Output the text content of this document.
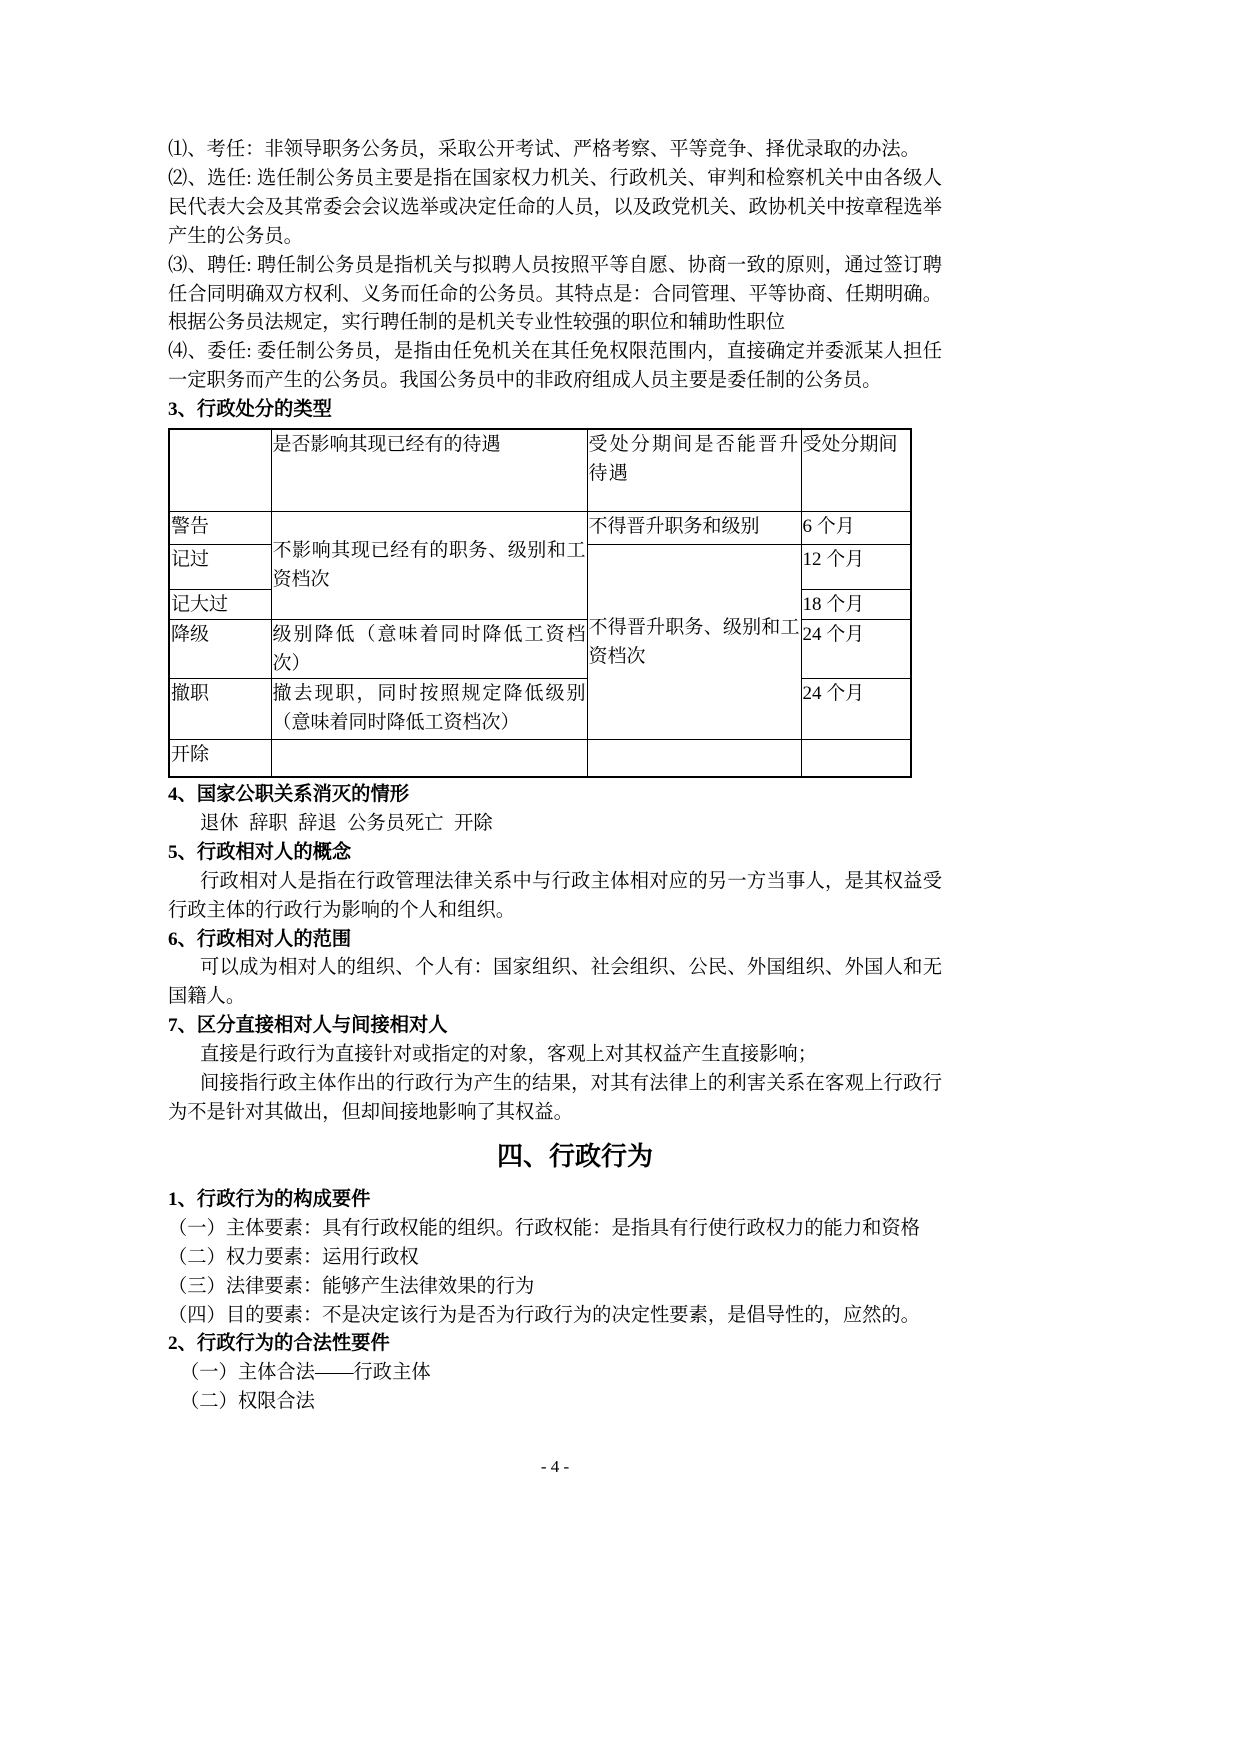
⑴、考任：非领导职务公务员，采取公开考试、严格考察、平等竞争、择优录取的办法。

⑵、选任: 选任制公务员主要是指在国家权力机关、行政机关、审判和检察机关中由各级人民代表大会及其常委会会议选举或决定任命的人员，以及政党机关、政协机关中按章程选举产生的公务员。

⑶、聘任: 聘任制公务员是指机关与拟聘人员按照平等自愿、协商一致的原则，通过签订聘任合同明确双方权利、义务而任命的公务员。其特点是：合同管理、平等协商、任期明确。根据公务员法规定，实行聘任制的是机关专业性较强的职位和辅助性职位

⑷、委任: 委任制公务员，是指由任免机关在其任免权限范围内，直接确定并委派某人担任一定职务而产生的公务员。我国公务员中的非政府组成人员主要是委任制的公务员。

3、行政处分的类型
	是否影响其现已经有的待遇	受处分期间是否能晋升待遇	受处分期间
警告	不影响其现已经有的职务、级别和工资档次	不得晋升职务和级别	6 个月
记过		不得晋升职务、级别和工资档次	12 个月
记大过			18 个月
降级	级别降低（意味着同时降低工资档次）		24 个月
撤职	撤去现职，同时按照规定降低级别（意味着同时降低工资档次）		24 个月
开除			
4、国家公职关系消灭的情形
退休 辞职 辞退 公务员死亡 开除
5、行政相对人的概念

行政相对人是指在行政管理法律关系中与行政主体相对应的另一方当事人，是其权益受行政主体的行政行为影响的个人和组织。

6、行政相对人的范围

可以成为相对人的组织、个人有：国家组织、社会组织、公民、外国组织、外国人和无国籍人。

7、区分直接相对人与间接相对人

直接是行政行为直接针对或指定的对象，客观上对其权益产生直接影响；

间接指行政主体作出的行政行为产生的结果，对其有法律上的利害关系在客观上行政行为不是针对其做出，但却间接地影响了其权益。

四、行政行为
1、行政行为的构成要件

（一）主体要素：具有行政权能的组织。行政权能：是指具有行使行政权力的能力和资格

（二）权力要素：运用行政权

（三）法律要素：能够产生法律效果的行为

（四）目的要素：不是决定该行为是否为行政行为的决定性要素，是倡导性的，应然的。

2、行政行为的合法性要件

（一）主体合法——行政主体

（二）权限合法

- 4 -
